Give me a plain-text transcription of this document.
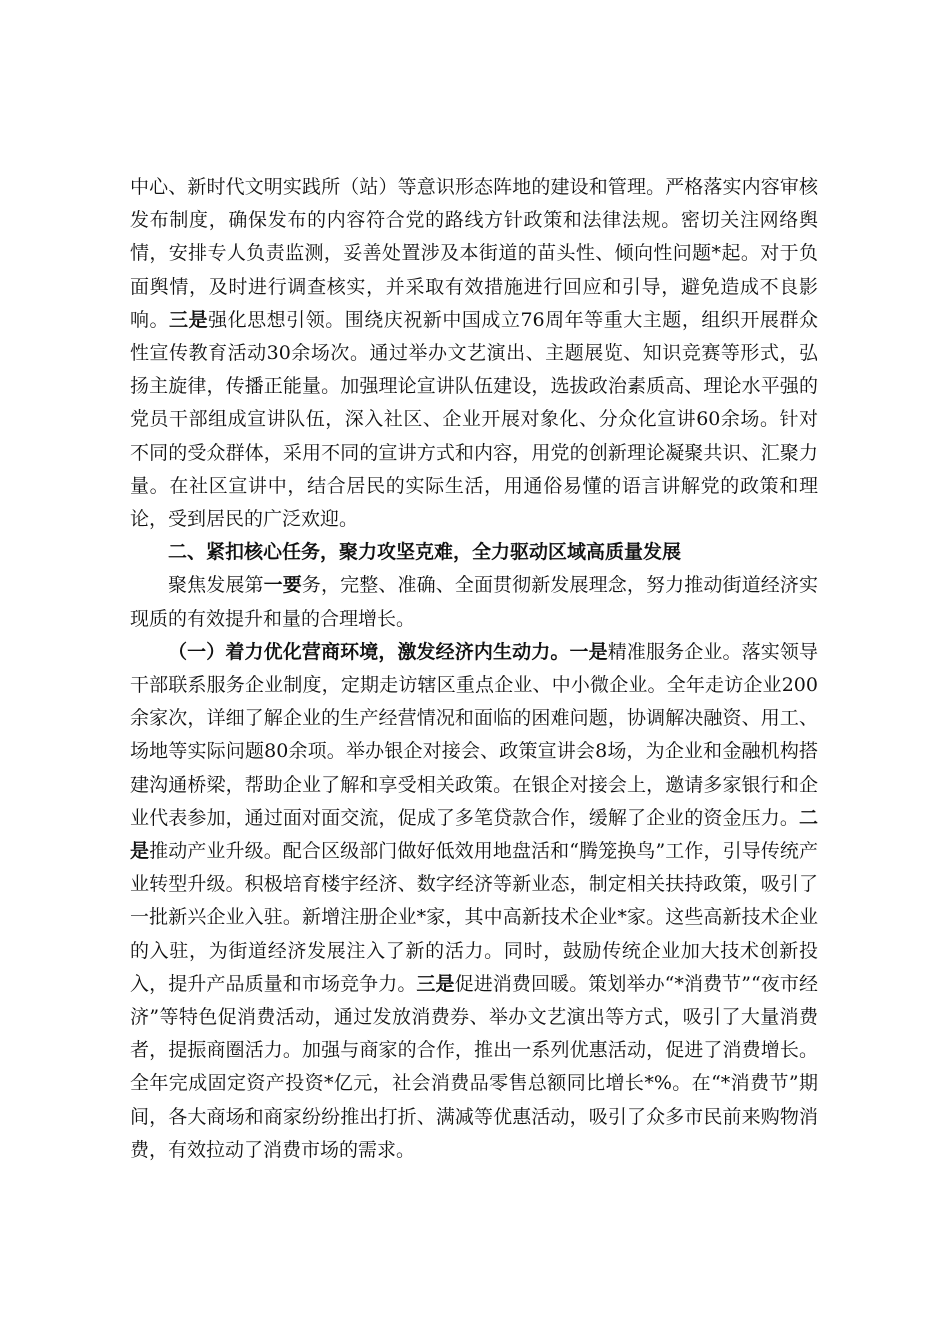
中心、新时代文明实践所（站）等意识形态阵地的建设和管理。严格落实内容审核发布制度，确保发布的内容符合党的路线方针政策和法律法规。密切关注网络舆情，安排专人负责监测，妥善处置涉及本街道的苗头性、倾向性问题*起。对于负面舆情，及时进行调查核实，并采取有效措施进行回应和引导，避免造成不良影响。三是强化思想引领。围绕庆祝新中国成立76周年等重大主题，组织开展群众性宣传教育活动30余场次。通过举办文艺演出、主题展览、知识竞赛等形式，弘扬主旋律，传播正能量。加强理论宣讲队伍建设，选拔政治素质高、理论水平强的党员干部组成宣讲队伍，深入社区、企业开展对象化、分众化宣讲60余场。针对不同的受众群体，采用不同的宣讲方式和内容，用党的创新理论凝聚共识、汇聚力量。在社区宣讲中，结合居民的实际生活，用通俗易懂的语言讲解党的政策和理论，受到居民的广泛欢迎。

二、紧扣核心任务，聚力攻坚克难，全力驱动区域高质量发展

聚焦发展第一要务，完整、准确、全面贯彻新发展理念，努力推动街道经济实现质的有效提升和量的合理增长。

（一）着力优化营商环境，激发经济内生动力。一是精准服务企业。落实领导干部联系服务企业制度，定期走访辖区重点企业、中小微企业。全年走访企业200余家次，详细了解企业的生产经营情况和面临的困难问题，协调解决融资、用工、场地等实际问题80余项。举办银企对接会、政策宣讲会8场，为企业和金融机构搭建沟通桥梁，帮助企业了解和享受相关政策。在银企对接会上，邀请多家银行和企业代表参加，通过面对面交流，促成了多笔贷款合作，缓解了企业的资金压力。二是推动产业升级。配合区级部门做好低效用地盘活和“腾笼换鸟”工作，引导传统产业转型升级。积极培育楼宇经济、数字经济等新业态，制定相关扶持政策，吸引了一批新兴企业入驻。新增注册企业*家，其中高新技术企业*家。这些高新技术企业的入驻，为街道经济发展注入了新的活力。同时，鼓励传统企业加大技术创新投入，提升产品质量和市场竞争力。三是促进消费回暖。策划举办“*消费节”“夜市经济”等特色促消费活动，通过发放消费券、举办文艺演出等方式，吸引了大量消费者，提振商圈活力。加强与商家的合作，推出一系列优惠活动，促进了消费增长。全年完成固定资产投资*亿元，社会消费品零售总额同比增长*%。在“*消费节”期间，各大商场和商家纷纷推出打折、满减等优惠活动，吸引了众多市民前来购物消费，有效拉动了消费市场的需求。
